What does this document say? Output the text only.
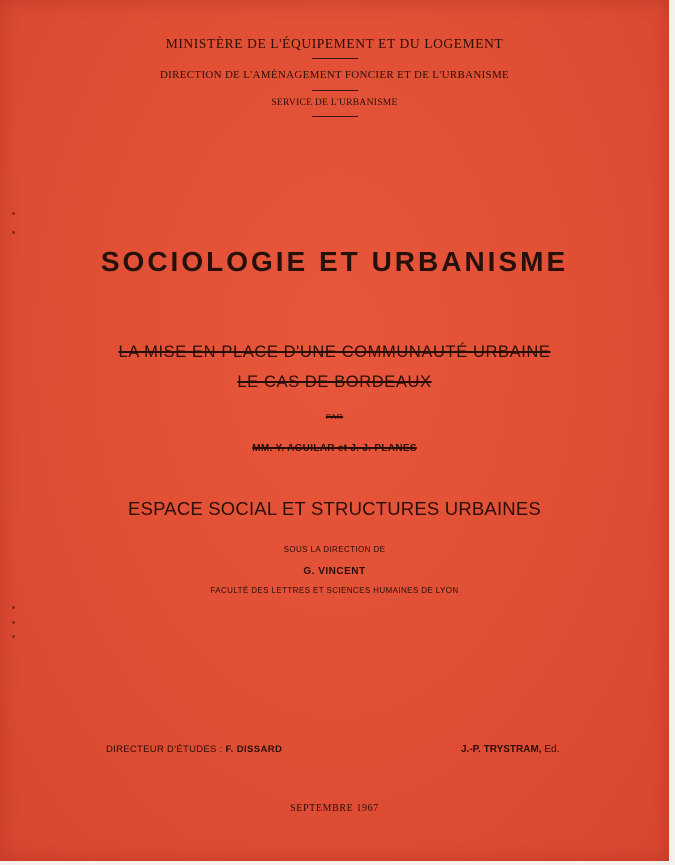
MINISTÈRE DE L'ÉQUIPEMENT ET DU LOGEMENT
DIRECTION DE L'AMÉNAGEMENT FONCIER ET DE L'URBANISME
SERVICE DE L'URBANISME
SOCIOLOGIE ET URBANISME
LA MISE EN PLACE D'UNE COMMUNAUTÉ URBAINE
LE CAS DE BORDEAUX
PAR
MM. Y. AGUILAR et J. J. PLANES
ESPACE SOCIAL ET STRUCTURES URBAINES
SOUS LA DIRECTION DE
G. VINCENT
FACULTÉ DES LETTRES ET SCIENCES HUMAINES DE LYON
DIRECTEUR D'ÉTUDES : F. DISSARD	J.-P. TRYSTRAM, Ed.
SEPTEMBRE 1967
